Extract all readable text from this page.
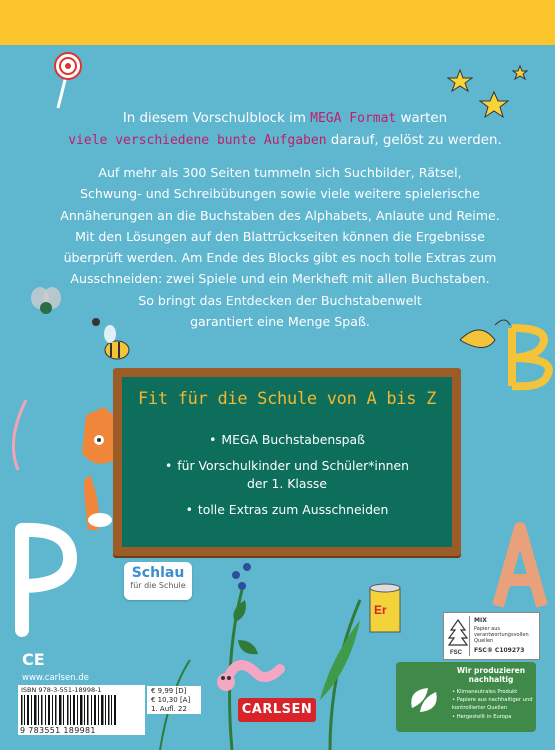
Er
In diesem Vorschulblock im MEGA Format warten
viele verschiedene bunte Aufgaben darauf, gelöst zu werden.
Auf mehr als 300 Seiten tummeln sich Suchbilder, Rätsel,
Schwung- und Schreibübungen sowie viele weitere spielerische
Annäherungen an die Buchstaben des Alphabets, Anlaute und Reime.
Mit den Lösungen auf den Blattrückseiten können die Ergebnisse
überprüft werden. Am Ende des Blocks gibt es noch tolle Extras zum
Ausschneiden: zwei Spiele und ein Merkheft mit allen Buchstaben.
So bringt das Entdecken der Buchstabenwelt
garantiert eine Menge Spaß.
Fit für die Schule von A bis Z
• MEGA Buchstabenspaß
• für Vorschulkinder und Schüler*innen
der 1. Klasse
• tolle Extras zum Ausschneiden
Schlau
für die Schule
CE
www.carlsen.de
ISBN 978-3-551-18998-1
9 783551 189981
€ 9,99 [D]
€ 10,30 [A]
1. Aufl. 22
FSC
MIX
Papier aus verantwortungsvollen Quellen
FSC® C109273
CARLSEN
Wir produzieren nachhaltig
• Klimaneutrales Produkt
• Papiere aus nachhaltiger und kontrollierter Quellen
• Hergestellt in Europa
